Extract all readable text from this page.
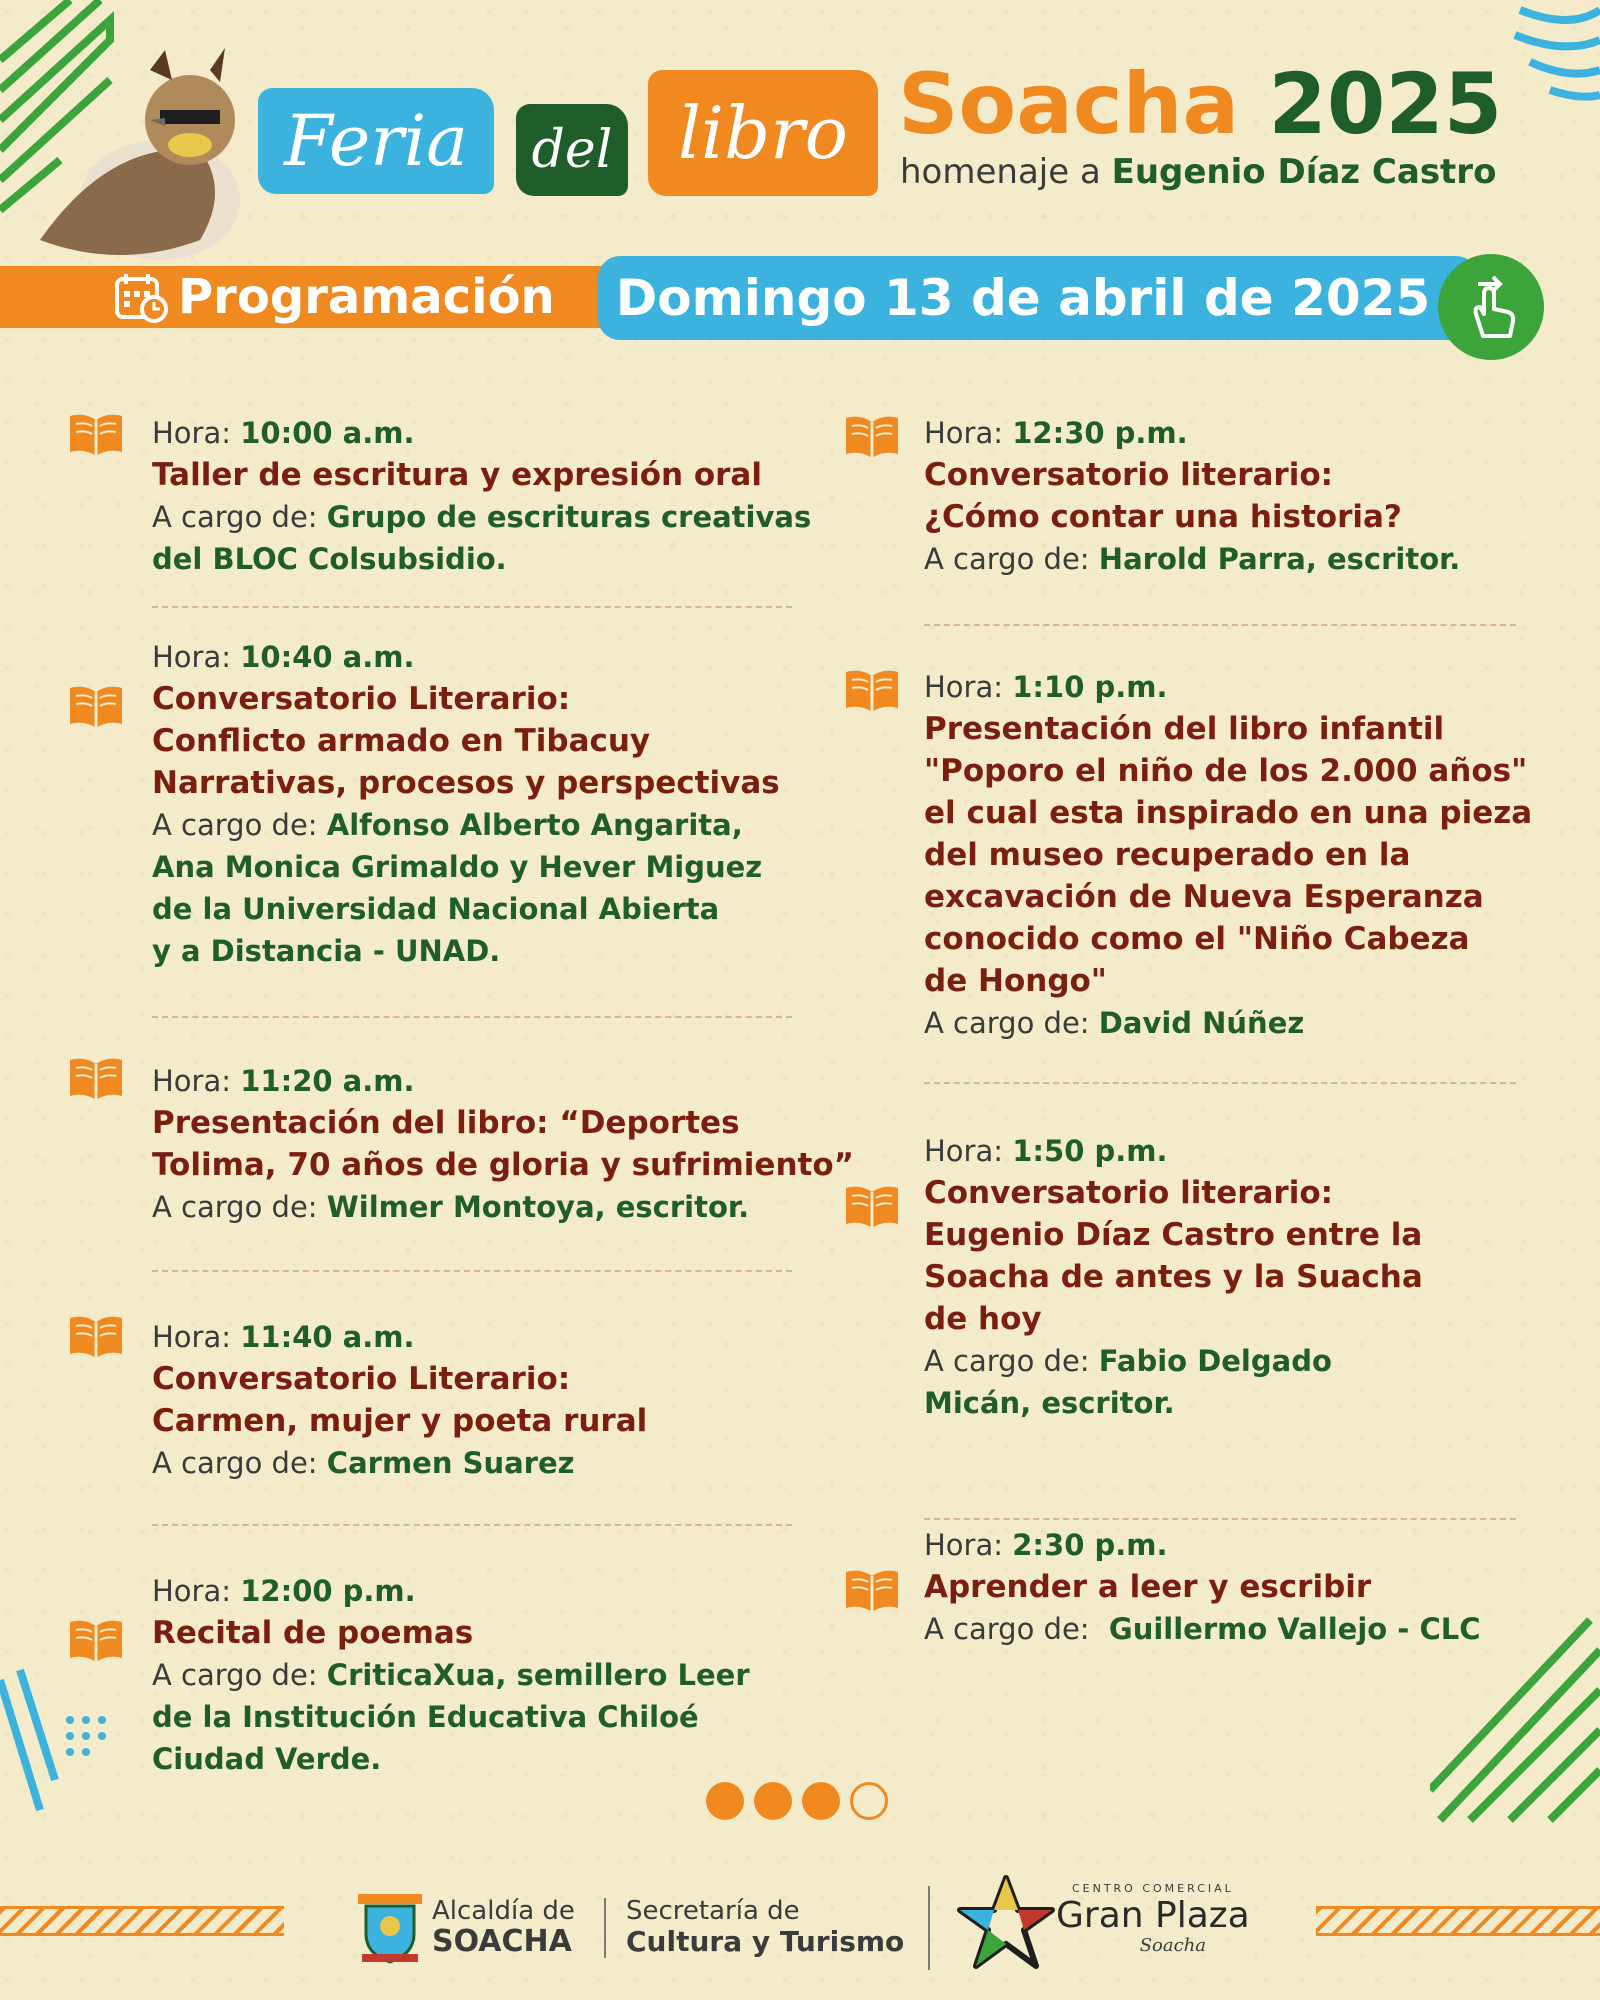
Feria del libro Soacha 2025
homenaje a Eugenio Díaz Castro
Programación	Domingo 13 de abril de 2025
Hora: 10:00 a.m.
Taller de escritura y expresión oral
A cargo de: Grupo de escrituras creativas
del BLOC Colsubsidio.
Hora: 10:40 a.m.
Conversatorio Literario:
Conflicto armado en Tibacuy
Narrativas, procesos y perspectivas
A cargo de: Alfonso Alberto Angarita,
Ana Monica Grimaldo y Hever Miguez
de la Universidad Nacional Abierta
y a Distancia - UNAD.
Hora: 11:20 a.m.
Presentación del libro: “Deportes
Tolima, 70 años de gloria y sufrimiento”
A cargo de: Wilmer Montoya, escritor.
Hora: 11:40 a.m.
Conversatorio Literario:
Carmen, mujer y poeta rural
A cargo de: Carmen Suarez
Hora: 12:00 p.m.
Recital de poemas
A cargo de: CriticaXua, semillero Leer
de la Institución Educativa Chiloé
Ciudad Verde.
Hora: 12:30 p.m.
Conversatorio literario:
¿Cómo contar una historia?
A cargo de: Harold Parra, escritor.
Hora: 1:10 p.m.
Presentación del libro infantil
"Poporo el niño de los 2.000 años"
el cual esta inspirado en una pieza
del museo recuperado en la
excavación de Nueva Esperanza
conocido como el "Niño Cabeza
de Hongo"
A cargo de: David Núñez
Hora: 1:50 p.m.
Conversatorio literario:
Eugenio Díaz Castro entre la
Soacha de antes y la Suacha
de hoy
A cargo de: Fabio Delgado
Micán, escritor.
Hora: 2:30 p.m.
Aprender a leer y escribir
A cargo de:  Guillermo Vallejo - CLC
Alcaldía de
SOACHA
Secretaría de
Cultura y Turismo
CENTRO COMERCIAL
Gran Plaza
Soacha
